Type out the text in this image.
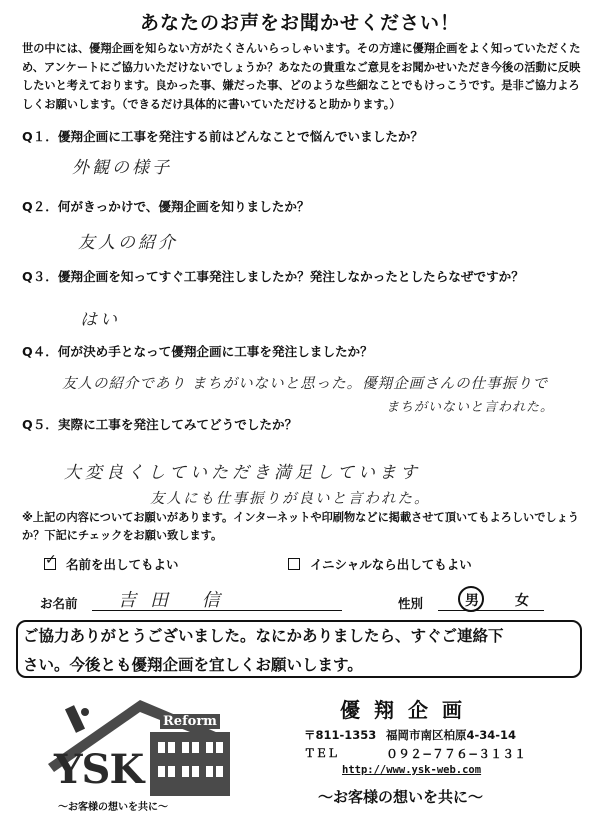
あなたのお声をお聞かせください！
世の中には、優翔企画を知らない方がたくさんいらっしゃいます。その方達に優翔企画をよく知っていただくため、アンケートにご協力いただけないでしょうか？あなたの貴重なご意見をお聞かせいただき今後の活動に反映したいと考えております。良かった事、嫌だった事、どのような些細なことでもけっこうです。是非ご協力よろしくお願いします。（できるだけ具体的に書いていただけると助かります。）
Q１．優翔企画に工事を発注する前はどんなことで悩んでいましたか？
外観の様子
Q２．何がきっかけで、優翔企画を知りましたか？
友人の紹介
Q３．優翔企画を知ってすぐ工事発注しましたか？発注しなかったとしたらなぜですか？
はい
Q４．何が決め手となって優翔企画に工事を発注しましたか？
友人の紹介であり まちがいないと思った。優翔企画さんの仕事振りで
まちがいないと言われた。
Q５．実際に工事を発注してみてどうでしたか？
大変良くしていただき満足しています
友人にも仕事振りが良いと言われた。
※上記の内容についてお願いがあります。インターネットや印刷物などに掲載させて頂いてもよろしいでしょうか？下記にチェックをお願い致します。
✓ 名前を出してもよい	イニシャルなら出してもよい
お名前 吉田 信	性別	男	女
ご協力ありがとうございました。なにかありましたら、すぐご連絡下
さい。今後とも優翔企画を宜しくお願いします。
Reform
YSK
〜お客様の想いを共に〜
優翔企画
〒811-1353 福岡市南区柏原4-34-14
ＴＥＬ	０９２−７７６−３１３１
http://www.ysk-web.com
〜お客様の想いを共に〜
